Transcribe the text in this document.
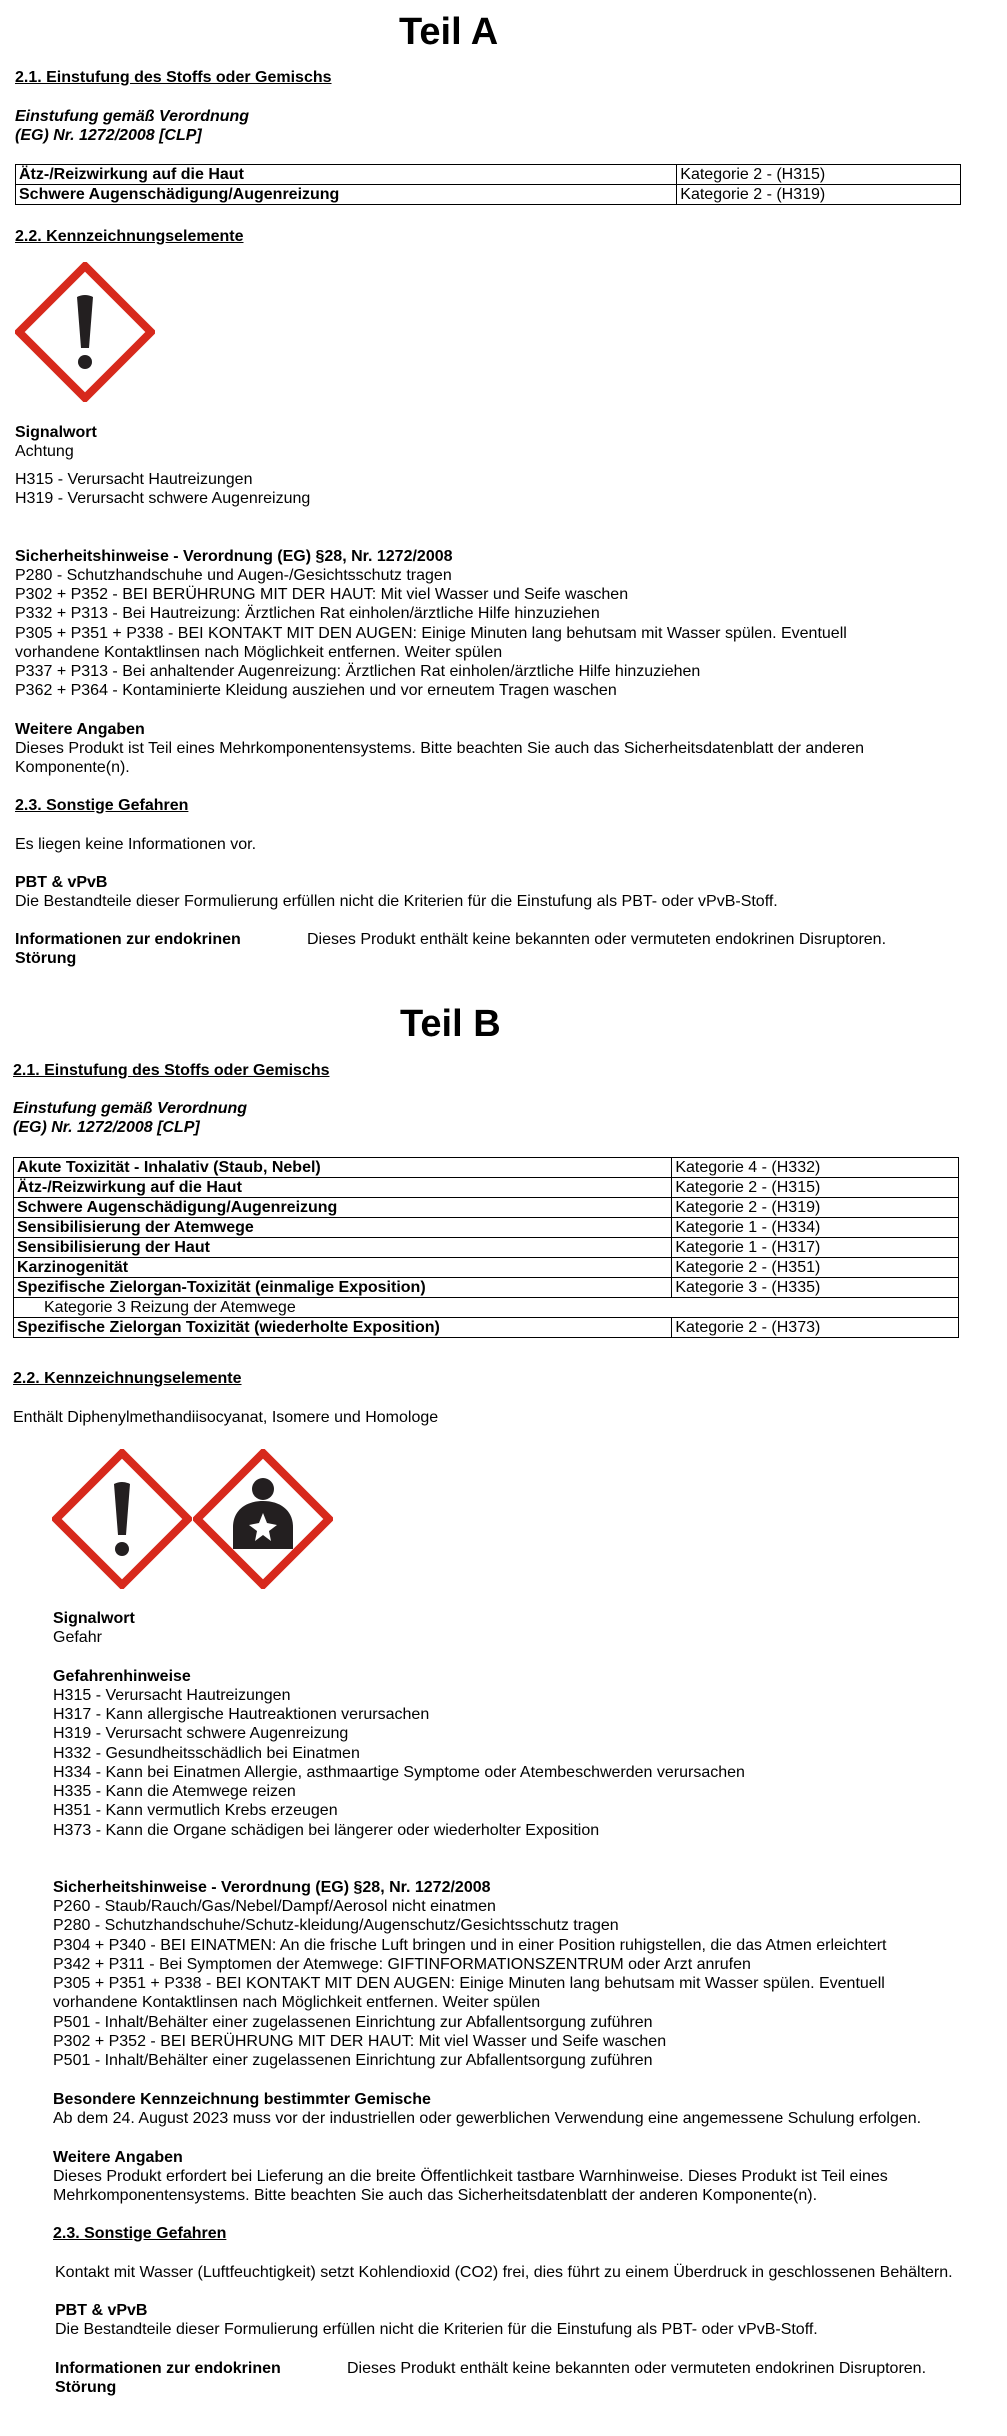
Teil A
2.1. Einstufung des Stoffs oder Gemischs
Einstufung gemäß Verordnung
(EG) Nr. 1272/2008 [CLP]
Ätz-/Reizwirkung auf die Haut	Kategorie 2 - (H315)
Schwere Augenschädigung/Augenreizung	Kategorie 2 - (H319)
2.2. Kennzeichnungselemente
Signalwort
Achtung
H315 - Verursacht Hautreizungen
H319 - Verursacht schwere Augenreizung
Sicherheitshinweise - Verordnung (EG) §28, Nr. 1272/2008
P280 - Schutzhandschuhe und Augen-/Gesichtsschutz tragen
P302 + P352 - BEI BERÜHRUNG MIT DER HAUT: Mit viel Wasser und Seife waschen
P332 + P313 - Bei Hautreizung: Ärztlichen Rat einholen/ärztliche Hilfe hinzuziehen
P305 + P351 + P338 - BEI KONTAKT MIT DEN AUGEN: Einige Minuten lang behutsam mit Wasser spülen. Eventuell
vorhandene Kontaktlinsen nach Möglichkeit entfernen. Weiter spülen
P337 + P313 - Bei anhaltender Augenreizung: Ärztlichen Rat einholen/ärztliche Hilfe hinzuziehen
P362 + P364 - Kontaminierte Kleidung ausziehen und vor erneutem Tragen waschen
Weitere Angaben
Dieses Produkt ist Teil eines Mehrkomponentensystems. Bitte beachten Sie auch das Sicherheitsdatenblatt der anderen
Komponente(n).
2.3. Sonstige Gefahren
Es liegen keine Informationen vor.
PBT & vPvB
Die Bestandteile dieser Formulierung erfüllen nicht die Kriterien für die Einstufung als PBT- oder vPvB-Stoff.
Informationen zur endokrinen
Störung
Dieses Produkt enthält keine bekannten oder vermuteten endokrinen Disruptoren.
Teil B
2.1. Einstufung des Stoffs oder Gemischs
Einstufung gemäß Verordnung
(EG) Nr. 1272/2008 [CLP]
Akute Toxizität - Inhalativ (Staub, Nebel)	Kategorie 4 - (H332)
Ätz-/Reizwirkung auf die Haut	Kategorie 2 - (H315)
Schwere Augenschädigung/Augenreizung	Kategorie 2 - (H319)
Sensibilisierung der Atemwege	Kategorie 1 - (H334)
Sensibilisierung der Haut	Kategorie 1 - (H317)
Karzinogenität	Kategorie 2 - (H351)
Spezifische Zielorgan-Toxizität (einmalige Exposition)	Kategorie 3 - (H335)
Kategorie 3 Reizung der Atemwege	
Spezifische Zielorgan Toxizität (wiederholte Exposition)	Kategorie 2 - (H373)
2.2. Kennzeichnungselemente
Enthält Diphenylmethandiisocyanat, Isomere und Homologe
Signalwort
Gefahr
Gefahrenhinweise
H315 - Verursacht Hautreizungen
H317 - Kann allergische Hautreaktionen verursachen
H319 - Verursacht schwere Augenreizung
H332 - Gesundheitsschädlich bei Einatmen
H334 - Kann bei Einatmen Allergie, asthmaartige Symptome oder Atembeschwerden verursachen
H335 - Kann die Atemwege reizen
H351 - Kann vermutlich Krebs erzeugen
H373 - Kann die Organe schädigen bei längerer oder wiederholter Exposition
Sicherheitshinweise - Verordnung (EG) §28, Nr. 1272/2008
P260 - Staub/Rauch/Gas/Nebel/Dampf/Aerosol nicht einatmen
P280 - Schutzhandschuhe/Schutz-kleidung/Augenschutz/Gesichtsschutz tragen
P304 + P340 - BEI EINATMEN: An die frische Luft bringen und in einer Position ruhigstellen, die das Atmen erleichtert
P342 + P311 - Bei Symptomen der Atemwege: GIFTINFORMATIONSZENTRUM oder Arzt anrufen
P305 + P351 + P338 - BEI KONTAKT MIT DEN AUGEN: Einige Minuten lang behutsam mit Wasser spülen. Eventuell
vorhandene Kontaktlinsen nach Möglichkeit entfernen. Weiter spülen
P501 - Inhalt/Behälter einer zugelassenen Einrichtung zur Abfallentsorgung zuführen
P302 + P352 - BEI BERÜHRUNG MIT DER HAUT: Mit viel Wasser und Seife waschen
P501 - Inhalt/Behälter einer zugelassenen Einrichtung zur Abfallentsorgung zuführen
Besondere Kennzeichnung bestimmter Gemische
Ab dem 24. August 2023 muss vor der industriellen oder gewerblichen Verwendung eine angemessene Schulung erfolgen.
Weitere Angaben
Dieses Produkt erfordert bei Lieferung an die breite Öffentlichkeit tastbare Warnhinweise. Dieses Produkt ist Teil eines
Mehrkomponentensystems. Bitte beachten Sie auch das Sicherheitsdatenblatt der anderen Komponente(n).
2.3. Sonstige Gefahren
Kontakt mit Wasser (Luftfeuchtigkeit) setzt Kohlendioxid (CO2) frei, dies führt zu einem Überdruck in geschlossenen Behältern.
PBT & vPvB
Die Bestandteile dieser Formulierung erfüllen nicht die Kriterien für die Einstufung als PBT- oder vPvB-Stoff.
Informationen zur endokrinen
Störung
Dieses Produkt enthält keine bekannten oder vermuteten endokrinen Disruptoren.
